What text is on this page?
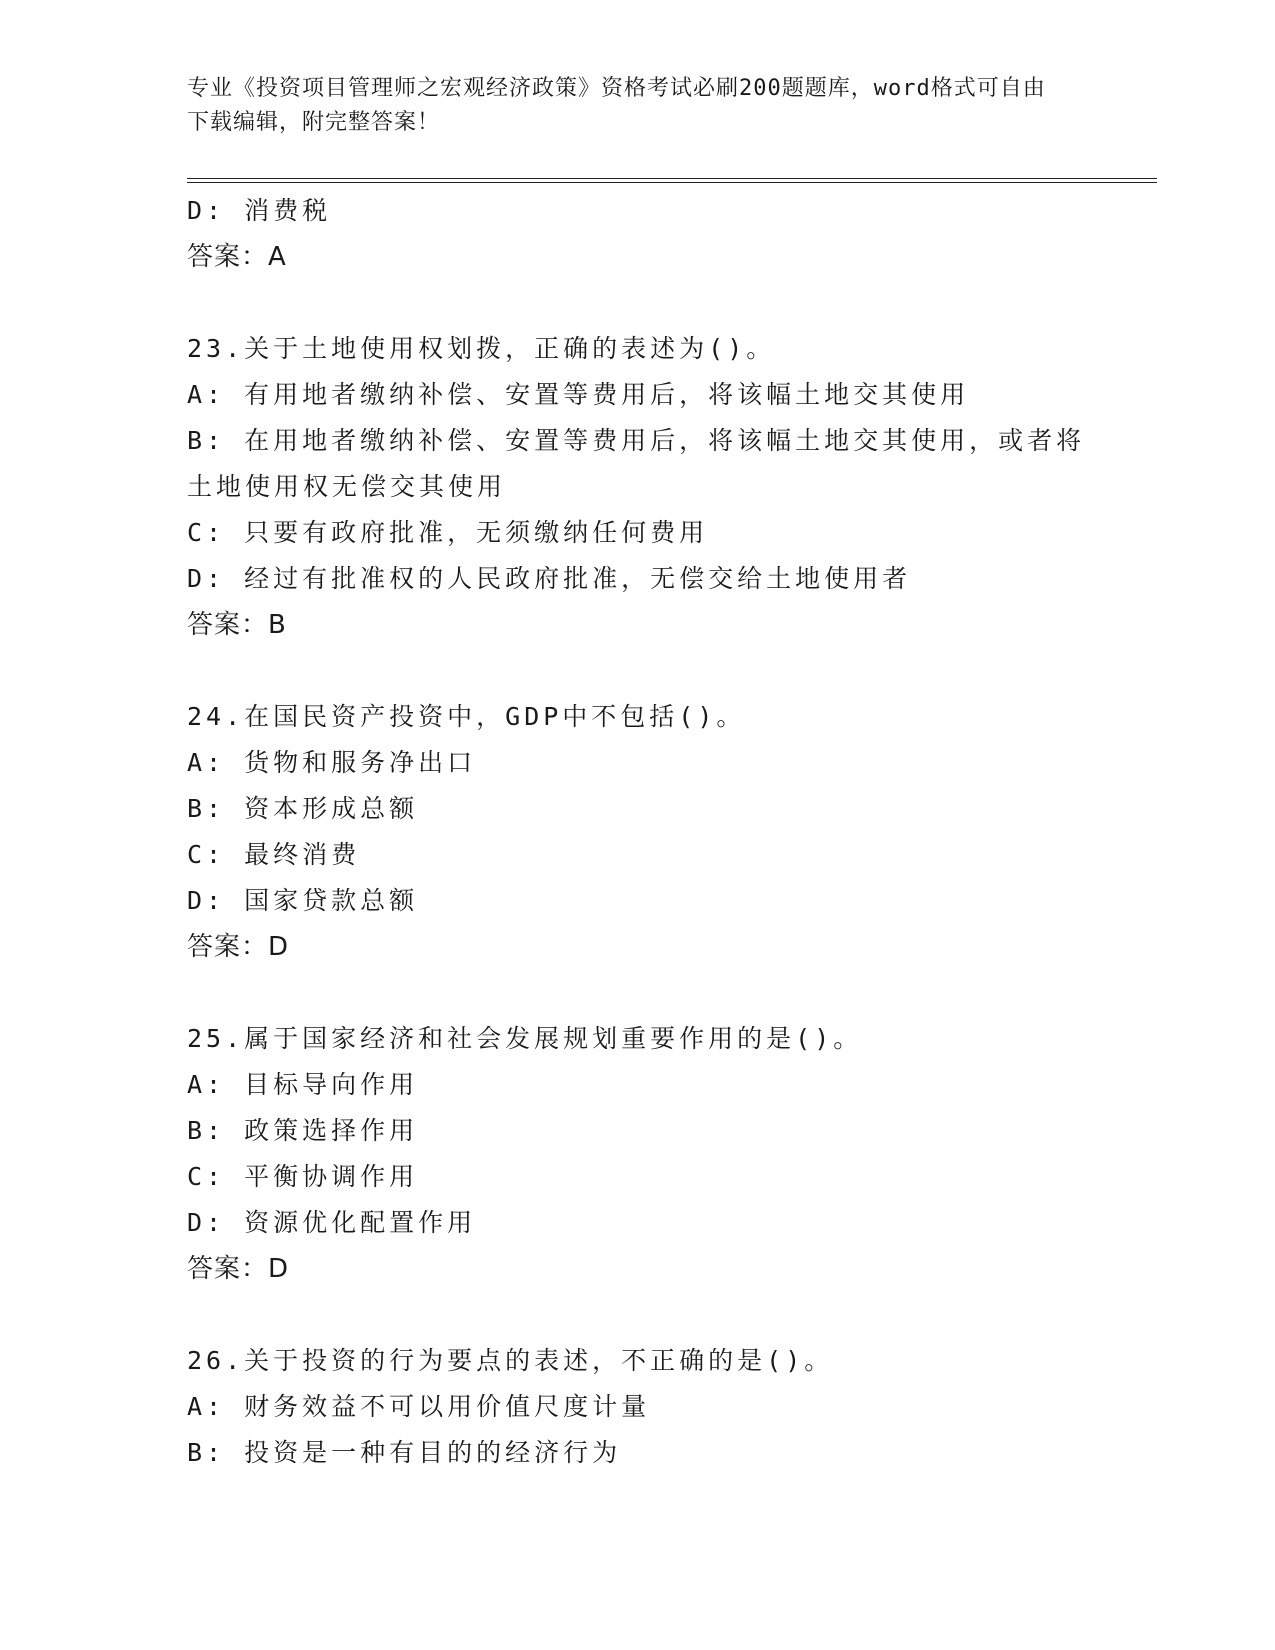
专业《投资项目管理师之宏观经济政策》资格考试必刷200题题库，word格式可自由下载编辑，附完整答案！

D: 消费税

答案：A

23.关于土地使用权划拨，正确的表述为()。

A: 有用地者缴纳补偿、安置等费用后，将该幅土地交其使用

B: 在用地者缴纳补偿、安置等费用后，将该幅土地交其使用，或者将土地使用权无偿交其使用

C: 只要有政府批准，无须缴纳任何费用

D: 经过有批准权的人民政府批准，无偿交给土地使用者

答案：B

24.在国民资产投资中，GDP中不包括()。

A: 货物和服务净出口

B: 资本形成总额

C: 最终消费

D: 国家贷款总额

答案：D

25.属于国家经济和社会发展规划重要作用的是()。

A: 目标导向作用

B: 政策选择作用

C: 平衡协调作用

D: 资源优化配置作用

答案：D

26.关于投资的行为要点的表述，不正确的是()。

A: 财务效益不可以用价值尺度计量

B: 投资是一种有目的的经济行为
